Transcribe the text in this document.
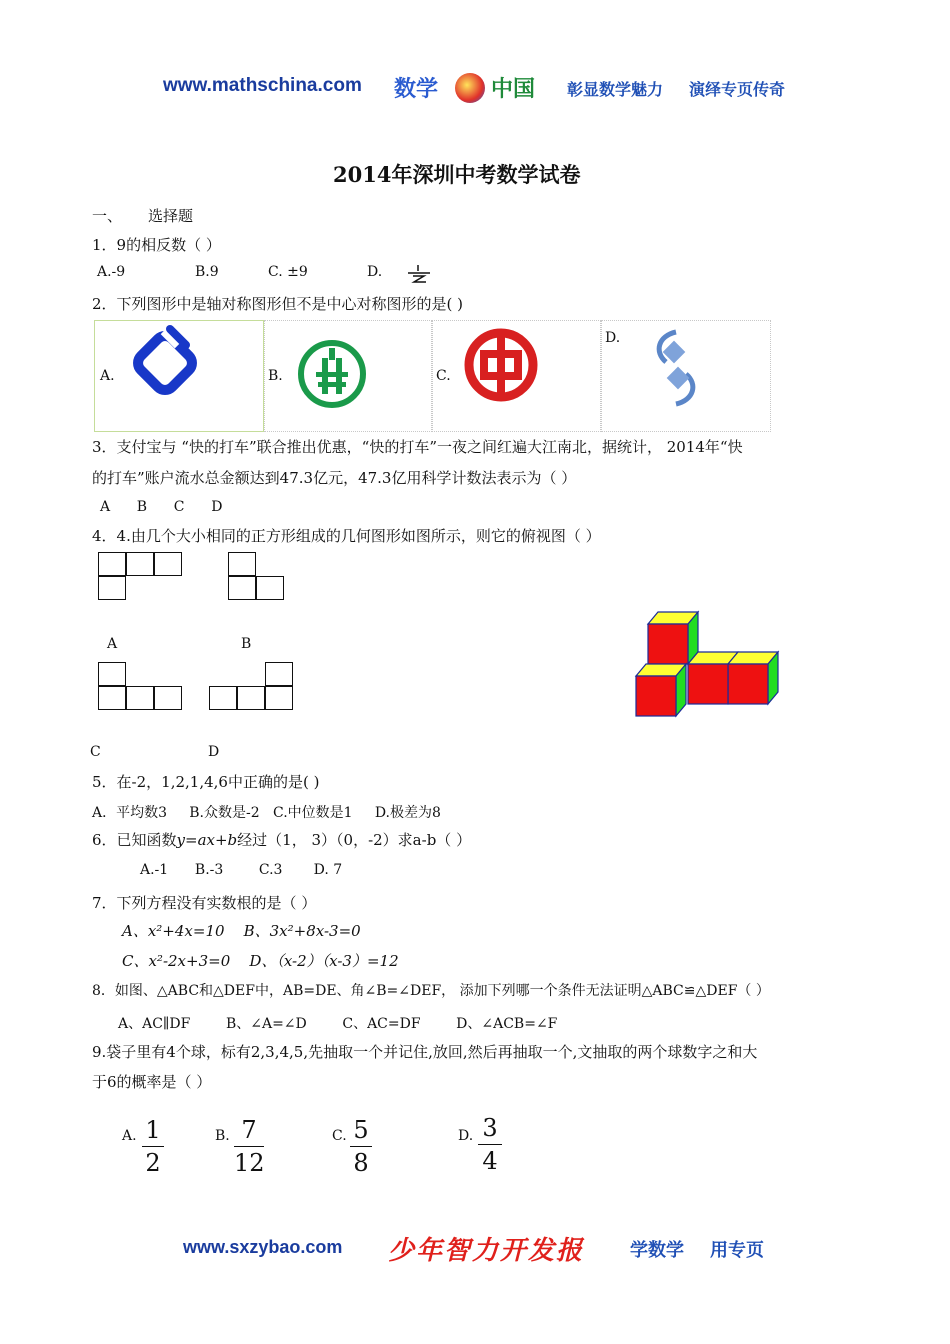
www.mathschina.com 数学 中国 彰显数学魅力 演绎专页传奇
2014年深圳中考数学试卷
一、 选择题
1．9的相反数（ ）
A.-9	B.9	C. ±9	D.
2．下列图形中是轴对称图形但不是中心对称图形的是( )
A.	B.	C.
D.
3．支付宝与 “快的打车”联合推出优惠，“快的打车”一夜之间红遍大江南北，据统计， 2014年“快
的打车”账户流水总金额达到47.3亿元，47.3亿用科学计数法表示为（ ）
A      B      C      D
4．4.由几个大小相同的正方形组成的几何图形如图所示，则它的俯视图（ ）
A	B
C	D
5．在-2，1,2,1,4,6中正确的是( )
A．平均数3     B.众数是-2   C.中位数是1     D.极差为8
6．已知函数y=ax+b经过（1， 3）（0，-2）求a-b（ ）
A.-1      B.-3        C.3       D. 7
7．下列方程没有实数根的是（ ）
A、x²+4x=10    B、3x²+8x-3=0
C、x²-2x+3=0    D、（x-2）（x-3）=12
8．如图、△ABC和△DEF中，AB=DE、角∠B=∠DEF， 添加下列哪一个条件无法证明△ABC≌△DEF（ ）
A、AC∥DF        B、∠A=∠D        C、AC=DF        D、∠ACB=∠F
9.袋子里有4个球，标有2,3,4,5,先抽取一个并记住,放回,然后再抽取一个,文抽取的两个球数字之和大
于6的概率是（ ）
A. 1
2
B. 7
12
C. 5
8
D. 3
4
www.sxzybao.com 少年智力开发报	学数学 用专页
